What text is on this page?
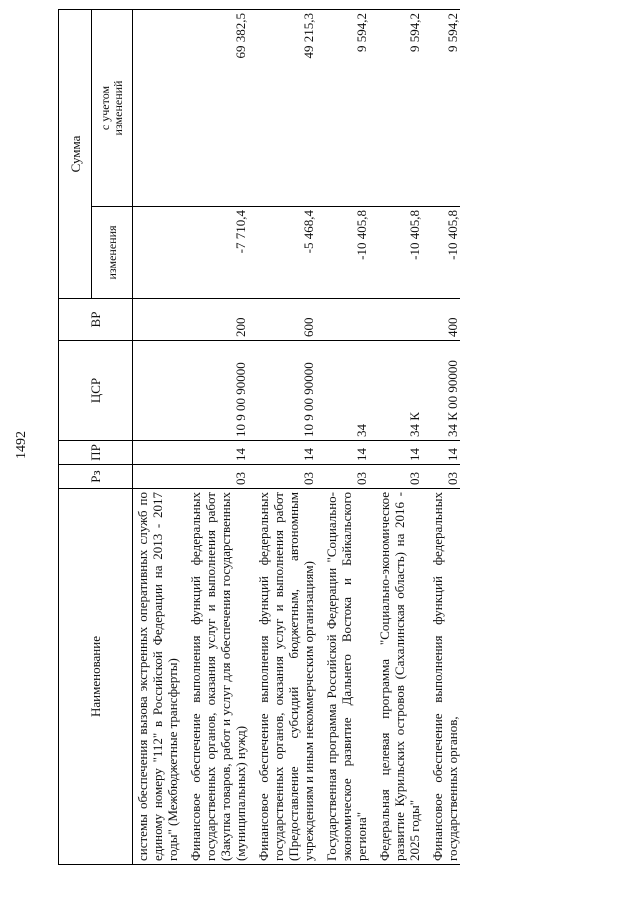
1492
Наименование	Рз	ПР	ЦСР	ВР	Сумма	
					изменения	с учетом
изменений
системы обеспечения вызова экстренных оперативных служб по единому номеру "112" в Российской Федерации на 2013 - 2017 годы" (Межбюджетные трансферты)						
Финансовое обеспечение выполнения функций федеральных государственных органов, оказания услуг и выполнения работ (Закупка товаров, работ и услуг для обеспечения государственных (муниципальных) нужд)	03	14	10 9 00 90000	200	-7 710,4	69 382,5
Финансовое обеспечение выполнения функций федеральных государственных органов, оказания услуг и выполнения работ (Предоставление субсидий бюджетным, автономным учреждениям и иным некоммерческим организациям)	03	14	10 9 00 90000	600	-5 468,4	49 215,3
Государственная программа Российской Федерации "Социально-экономическое развитие Дальнего Востока и Байкальского региона"	03	14	34		-10 405,8	9 594,2
Федеральная целевая программа "Социально-экономическое развитие Курильских островов (Сахалинская область) на 2016 - 2025 годы"	03	14	34 К		-10 405,8	9 594,2
Финансовое обеспечение выполнения функций федеральных государственных органов,	03	14	34 К 00 90000	400	-10 405,8	9 594,2
